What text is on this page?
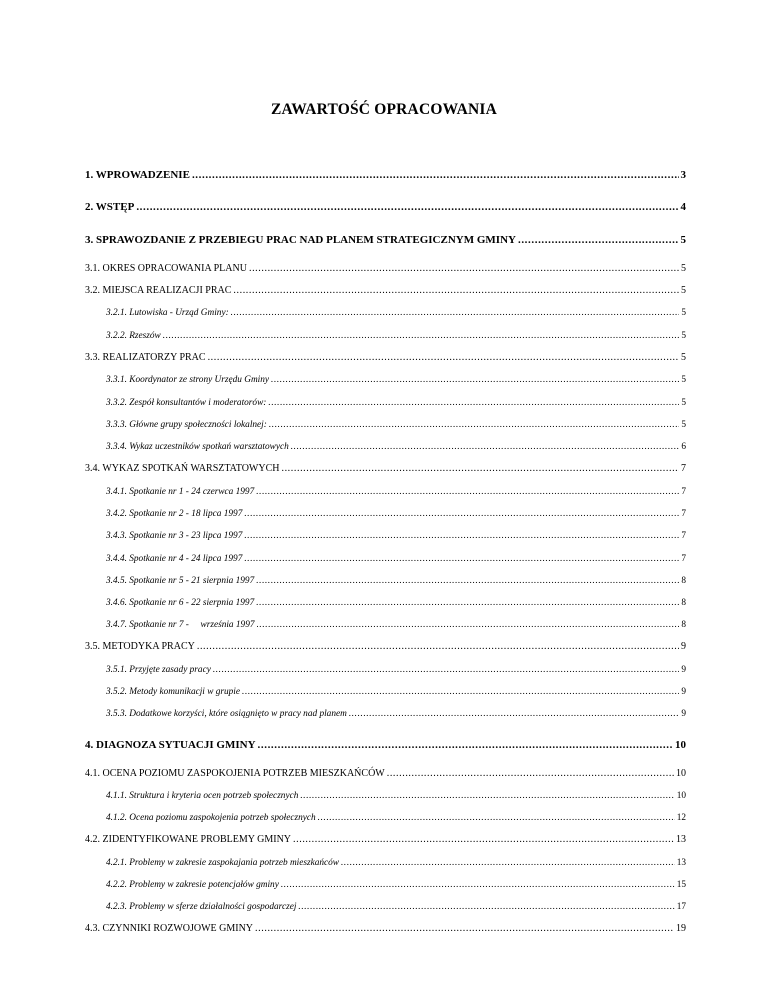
ZAWARTOŚĆ OPRACOWANIA
1. WPROWADZENIE .....	3
2. WSTĘP .....	4
3. SPRAWOZDANIE Z PRZEBIEGU PRAC NAD PLANEM STRATEGICZNYM GMINY .....	5
3.1. OKRES OPRACOWANIA PLANU .....	5
3.2. MIEJSCA REALIZACJI PRAC .....	5
3.2.1. Lutowiska - Urząd Gminy: .....	5
3.2.2. Rzeszów .....	5
3.3. REALIZATORZY PRAC .....	5
3.3.1. Koordynator ze strony Urzędu Gminy .....	5
3.3.2. Zespół konsultantów i moderatorów: .....	5
3.3.3. Główne grupy społeczności lokalnej: .....	5
3.3.4. Wykaz uczestników spotkań warsztatowych .....	6
3.4. WYKAZ SPOTKAŃ WARSZTATOWYCH .....	7
3.4.1. Spotkanie nr 1 - 24 czerwca 1997 .....	7
3.4.2. Spotkanie nr 2 - 18 lipca 1997 .....	7
3.4.3. Spotkanie nr 3 - 23 lipca 1997 .....	7
3.4.4. Spotkanie nr 4 - 24 lipca 1997 .....	7
3.4.5. Spotkanie nr 5 - 21 sierpnia 1997 .....	8
3.4.6. Spotkanie nr 6 - 22 sierpnia 1997 .....	8
3.4.7. Spotkanie nr 7 -     września 1997 .....	8
3.5. METODYKA PRACY .....	9
3.5.1. Przyjęte zasady pracy .....	9
3.5.2. Metody komunikacji w grupie .....	9
3.5.3. Dodatkowe korzyści, które osiągnięto w pracy nad planem .....	9
4. DIAGNOZA SYTUACJI GMINY .....	10
4.1. OCENA POZIOMU ZASPOKOJENIA POTRZEB MIESZKAŃCÓW .....	10
4.1.1. Struktura i kryteria ocen potrzeb społecznych .....	10
4.1.2. Ocena poziomu zaspokojenia potrzeb społecznych .....	12
4.2. ZIDENTYFIKOWANE PROBLEMY GMINY .....	13
4.2.1. Problemy w zakresie zaspokajania potrzeb mieszkańców .....	13
4.2.2. Problemy w zakresie potencjałów gminy .....	15
4.2.3. Problemy w sferze działalności gospodarczej .....	17
4.3. CZYNNIKI ROZWOJOWE GMINY .....	19
